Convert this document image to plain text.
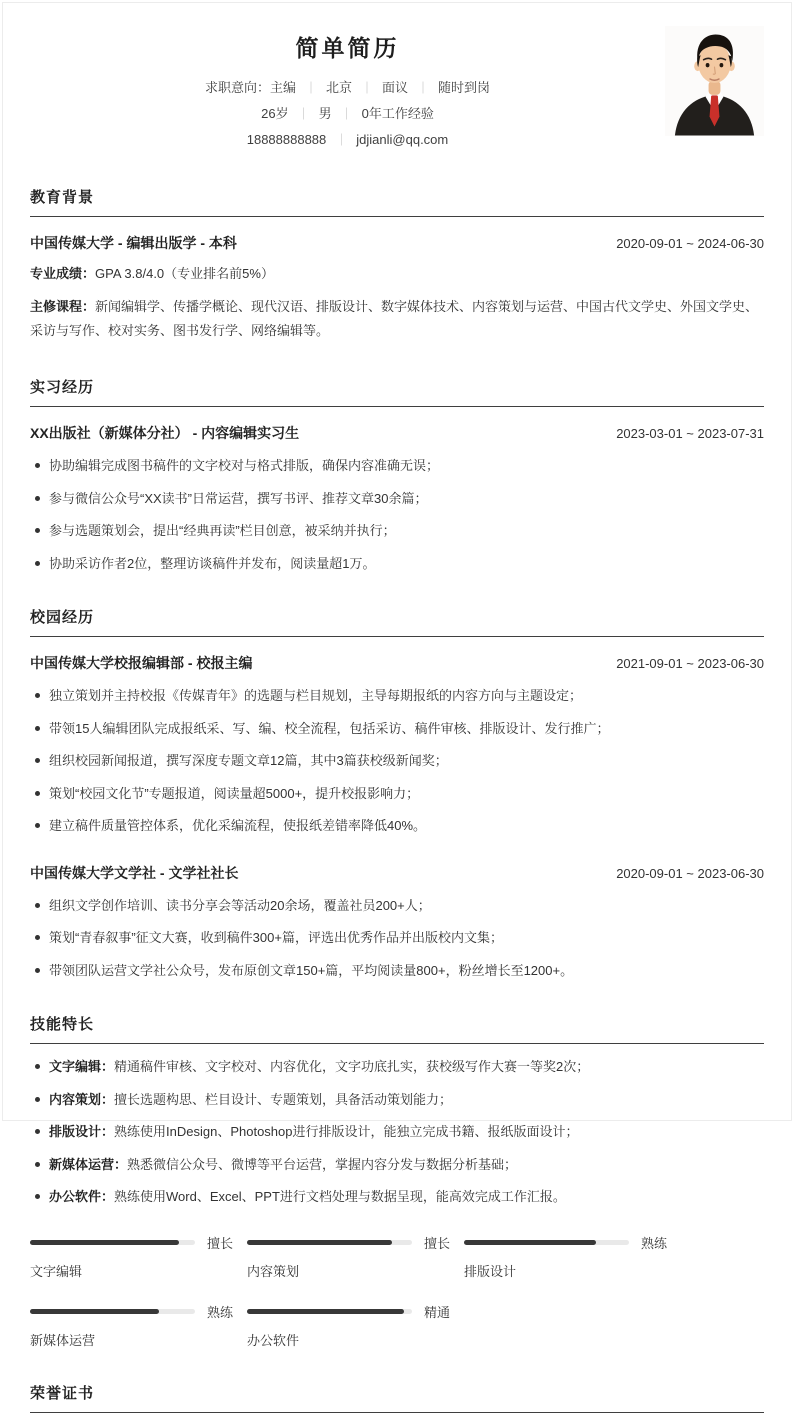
简单简历

求职意向：主编 ｜ 北京 ｜ 面议 ｜ 随时到岗

26岁 ｜ 男 ｜ 0年工作经验

18888888888 ｜ jdjianli@qq.com

教育背景
中国传媒大学 - 编辑出版学 - 本科	2020-09-01 ~ 2024-06-30

专业成绩：GPA 3.8/4.0（专业排名前5%）

主修课程：新闻编辑学、传播学概论、现代汉语、排版设计、数字媒体技术、内容策划与运营、中国古代文学史、外国文学史、采访与写作、校对实务、图书发行学、网络编辑等。

实习经历
XX出版社（新媒体分社） - 内容编辑实习生	2023-03-01 ~ 2023-07-31
协助编辑完成图书稿件的文字校对与格式排版，确保内容准确无误；
参与微信公众号“XX读书”日常运营，撰写书评、推荐文章30余篇；
参与选题策划会，提出“经典再读”栏目创意，被采纳并执行；
协助采访作者2位，整理访谈稿件并发布，阅读量超1万。
校园经历
中国传媒大学校报编辑部 - 校报主编	2021-09-01 ~ 2023-06-30
独立策划并主持校报《传媒青年》的选题与栏目规划，主导每期报纸的内容方向与主题设定；
带领15人编辑团队完成报纸采、写、编、校全流程，包括采访、稿件审核、排版设计、发行推广；
组织校园新闻报道，撰写深度专题文章12篇，其中3篇获校级新闻奖；
策划“校园文化节”专题报道，阅读量超5000+，提升校报影响力；
建立稿件质量管控体系，优化采编流程，使报纸差错率降低40%。
中国传媒大学文学社 - 文学社社长	2020-09-01 ~ 2023-06-30
组织文学创作培训、读书分享会等活动20余场，覆盖社员200+人；
策划“青春叙事”征文大赛，收到稿件300+篇，评选出优秀作品并出版校内文集；
带领团队运营文学社公众号，发布原创文章150+篇，平均阅读量800+，粉丝增长至1200+。
技能特长
文字编辑：精通稿件审核、文字校对、内容优化，文字功底扎实，获校级写作大赛一等奖2次；
内容策划：擅长选题构思、栏目设计、专题策划，具备活动策划能力；
排版设计：熟练使用InDesign、Photoshop进行排版设计，能独立完成书籍、报纸版面设计；
新媒体运营：熟悉微信公众号、微博等平台运营，掌握内容分发与数据分析基础；
办公软件：熟练使用Word、Excel、PPT进行文档处理与数据呈现，能高效完成工作汇报。
擅长
文字编辑
擅长
内容策划
熟练
排版设计
熟练
新媒体运营
精通
办公软件
荣誉证书
